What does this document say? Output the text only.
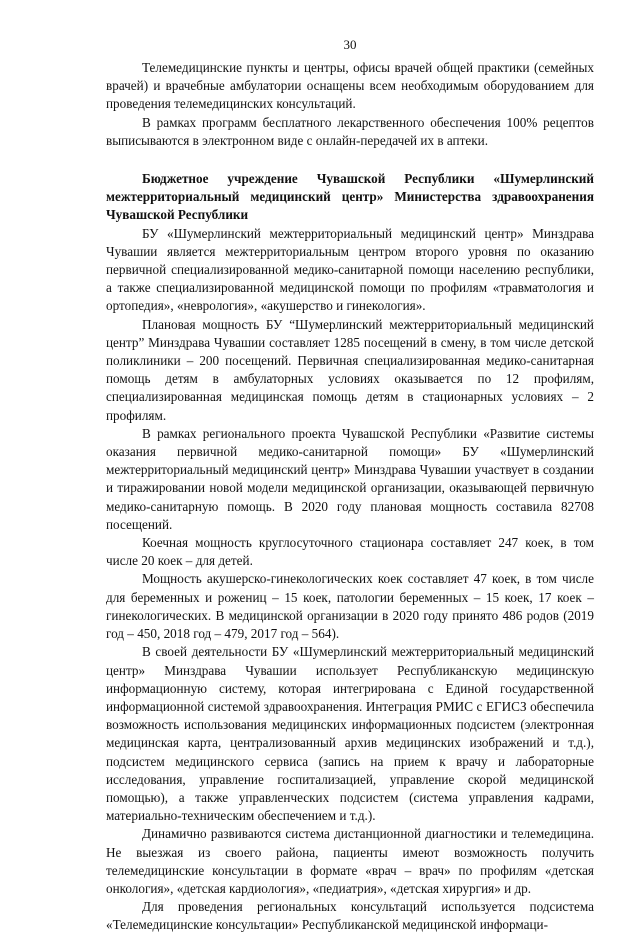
30

Телемедицинские пункты и центры, офисы врачей общей практики (семейных врачей) и врачебные амбулатории оснащены всем необходимым оборудованием для проведения телемедицинских консультаций.

В рамках программ бесплатного лекарственного обеспечения 100% рецептов выписываются в электронном виде с онлайн-передачей их в аптеки.

Бюджетное учреждение Чувашской Республики «Шумерлинский межтерриториальный медицинский центр» Министерства здравоохранения Чувашской Республики

БУ «Шумерлинский межтерриториальный медицинский центр» Минздрава Чувашии является межтерриториальным центром второго уровня по оказанию первичной специализированной медико-санитарной помощи населению республики, а также специализированной медицинской помощи по профилям «травматология и ортопедия», «неврология», «акушерство и гинекология».

Плановая мощность БУ “Шумерлинский межтерриториальный медицинский центр” Минздрава Чувашии составляет 1285 посещений в смену, в том числе детской поликлиники – 200 посещений. Первичная специализированная медико-санитарная помощь детям в амбулаторных условиях оказывается по 12 профилям, специализированная медицинская помощь детям в стационарных условиях – 2 профилям.

В рамках регионального проекта Чувашской Республики «Развитие системы оказания первичной медико-санитарной помощи» БУ «Шумерлинский межтерриториальный медицинский центр» Минздрава Чувашии участвует в создании и тиражировании новой модели медицинской организации, оказывающей первичную медико-санитарную помощь. В 2020 году плановая мощность составила 82708 посещений.

Коечная мощность круглосуточного стационара составляет 247 коек, в том числе 20 коек – для детей.

Мощность акушерско-гинекологических коек составляет 47 коек, в том числе для беременных и рожениц – 15 коек, патологии беременных – 15 коек, 17 коек – гинекологических. В медицинской организации в 2020 году принято 486 родов (2019 год – 450, 2018 год – 479, 2017 год – 564).

В своей деятельности БУ «Шумерлинский межтерриториальный медицинский центр» Минздрава Чувашии использует Республиканскую медицинскую информационную систему, которая интегрирована с Единой государственной информационной системой здравоохранения. Интеграция РМИС с ЕГИСЗ обеспечила возможность использования медицинских информационных подсистем (электронная медицинская карта, централизованный архив медицинских изображений и т.д.), подсистем медицинского сервиса (запись на прием к врачу и лабораторные исследования, управление госпитализацией, управление скорой медицинской помощью), а также управленческих подсистем (система управления кадрами, материально-техническим обеспечением и т.д.).

Динамично развиваются система дистанционной диагностики и телемедицина. Не выезжая из своего района, пациенты имеют возможность получить телемедицинские консультации в формате «врач – врач» по профилям «детская онкология», «детская кардиология», «педиатрия», «детская хирургия» и др.

Для проведения региональных консультаций используется подсистема «Телемедицинские консультации» Республиканской медицинской информаци-
